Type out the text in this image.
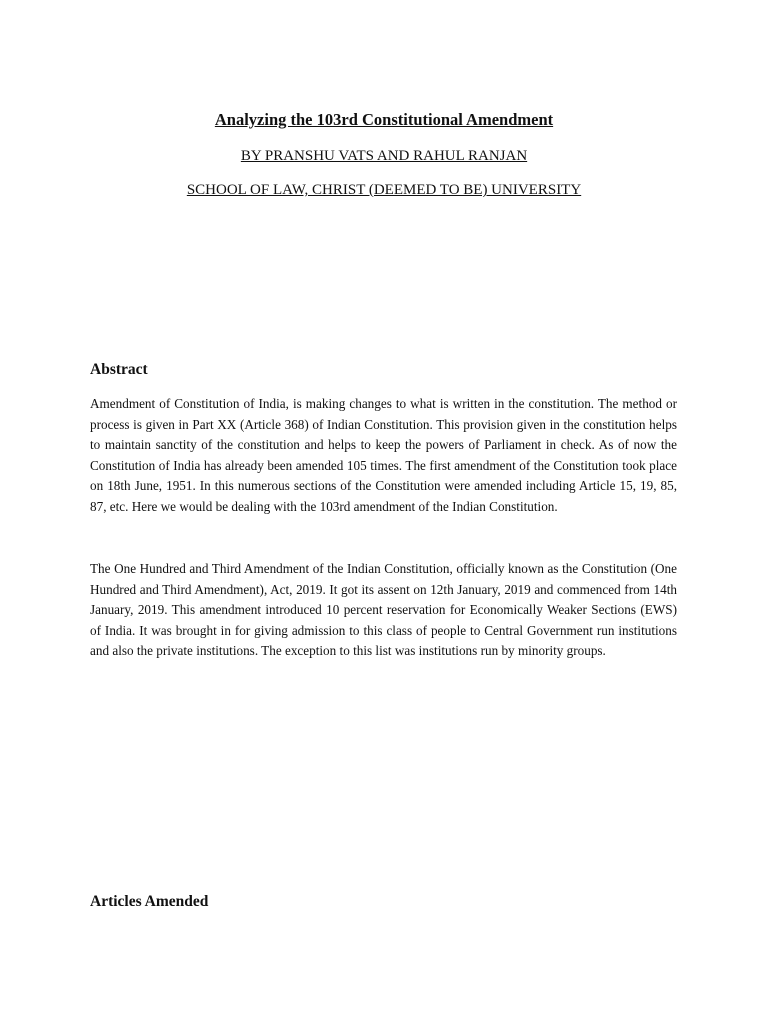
Analyzing the 103rd Constitutional Amendment

BY PRANSHU VATS AND RAHUL RANJAN

SCHOOL OF LAW, CHRIST (DEEMED TO BE) UNIVERSITY

Abstract

Amendment of Constitution of India, is making changes to what is written in the constitution. The method or process is given in Part XX (Article 368) of Indian Constitution. This provision given in the constitution helps to maintain sanctity of the constitution and helps to keep the powers of Parliament in check. As of now the Constitution of India has already been amended 105 times. The first amendment of the Constitution took place on 18th June, 1951. In this numerous sections of the Constitution were amended including Article 15, 19, 85, 87, etc. Here we would be dealing with the 103rd amendment of the Indian Constitution.

The One Hundred and Third Amendment of the Indian Constitution, officially known as the Constitution (One Hundred and Third Amendment), Act, 2019. It got its assent on 12th January, 2019 and commenced from 14th January, 2019. This amendment introduced 10 percent reservation for Economically Weaker Sections (EWS) of India. It was brought in for giving admission to this class of people to Central Government run institutions and also the private institutions. The exception to this list was institutions run by minority groups.

Articles Amended
